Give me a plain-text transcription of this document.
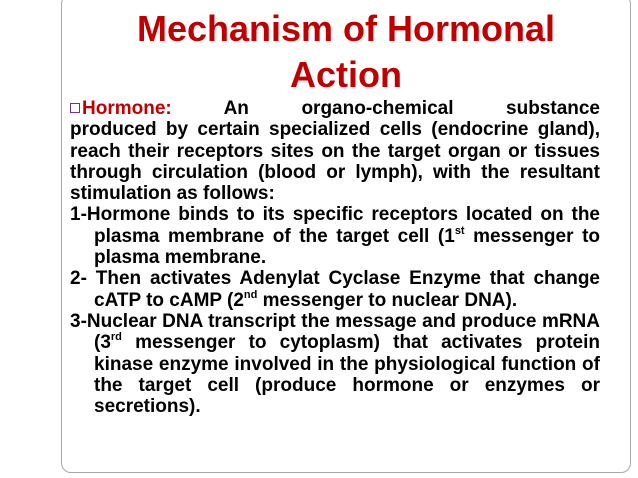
Mechanism of Hormonal
Action

Hormone:	An organo-chemical substance

produced by certain specialized cells (endocrine gland), reach their receptors sites on the target organ or tissues through circulation (blood or lymph), with the resultant stimulation as follows:

1-Hormone binds to its specific receptors located on the plasma membrane of the target cell (1st messenger to plasma membrane.

2- Then activates Adenylat Cyclase Enzyme that change cATP to cAMP (2nd messenger to nuclear DNA).

3-Nuclear DNA transcript the message and produce mRNA (3rd messenger to cytoplasm) that activates protein kinase enzyme involved in the physiological function of the target cell (produce hormone or enzymes or secretions).
